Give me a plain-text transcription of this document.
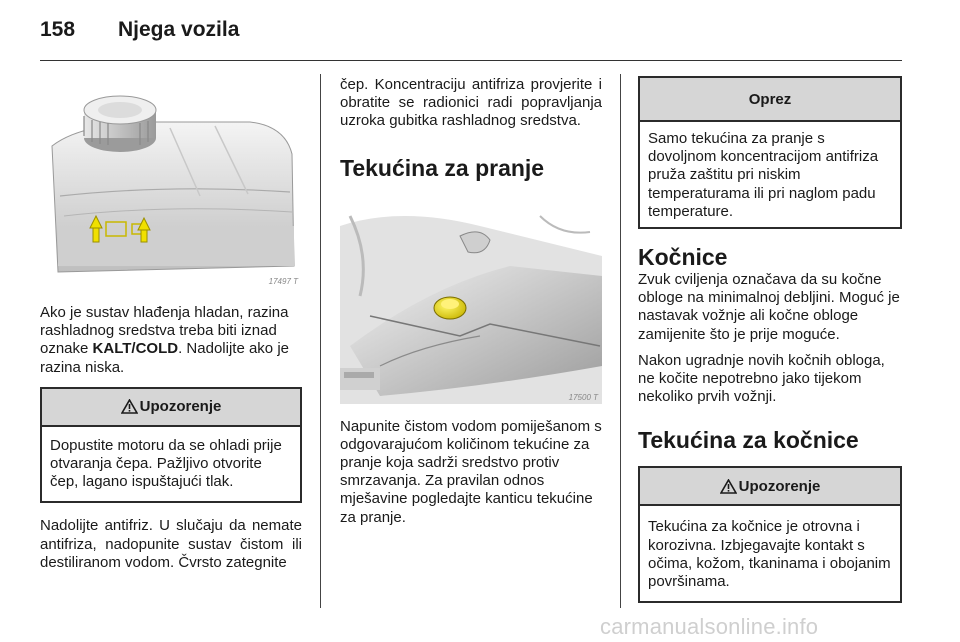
158 Njega vozila
17497 T

Ako je sustav hlađenja hladan, razina rashladnog sredstva treba biti iznad oznake KALT/COLD. Nadolijte ako je razina niska.

Upozorenje
Dopustite motoru da se ohladi prije otvaranja čepa. Pažljivo otvorite čep, lagano ispuštajući tlak.

Nadolijte antifriz. U slučaju da nemate antifriza, nadopunite sustav čistom ili destiliranom vodom. Čvrsto zategnite

čep. Koncentraciju antifriza provjerite i obratite se radionici radi popravljanja uzroka gubitka rashladnog sredstva.

Tekućina za pranje
17500 T

Napunite čistom vodom pomiješanom s odgovarajućom količinom tekućine za pranje koja sadrži sredstvo protiv smrzavanja. Za pravilan odnos mješavine pogledajte kanticu tekućine za pranje.

Oprez
Samo tekućina za pranje s dovoljnom koncentracijom antifriza pruža zaštitu pri niskim temperaturama ili pri naglom padu temperature.
Kočnice

Zvuk cviljenja označava da su kočne obloge na minimalnoj debljini. Moguć je nastavak vožnje ali kočne obloge zamijenite što je prije moguće.

Nakon ugradnje novih kočnih obloga, ne kočite nepotrebno jako tijekom nekoliko prvih vožnji.

Tekućina za kočnice
Upozorenje
Tekućina za kočnice je otrovna i korozivna. Izbjegavajte kontakt s očima, kožom, tkaninama i obojanim površinama.
carmanualsonline.info
